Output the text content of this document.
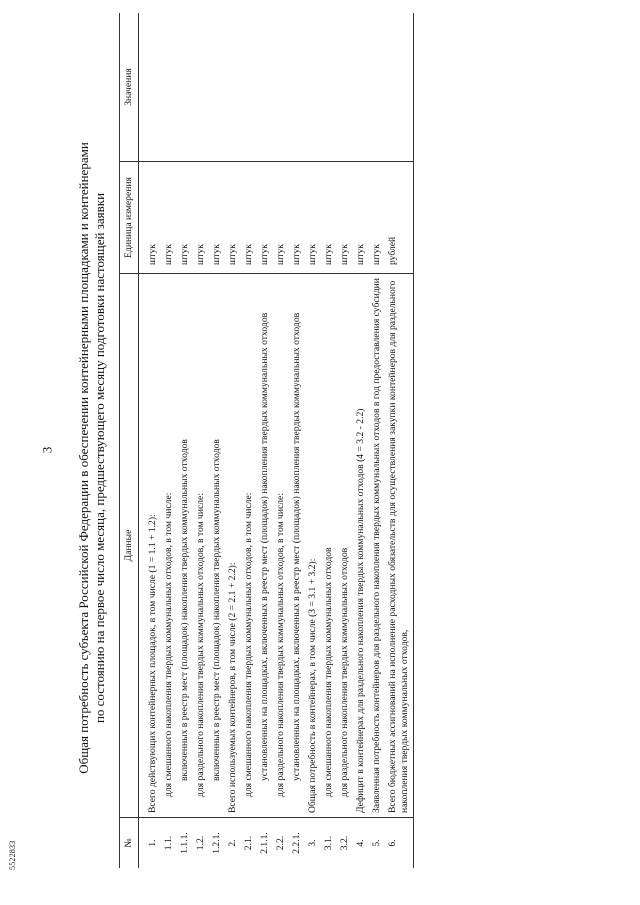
3
5522833
Общая потребность субъекта Российской Федерации в обеспечении контейнерными площадками и контейнерами по состоянию на первое число месяца, предшествующего месяцу подготовки настоящей заявки
№	Данные	Единица измерения	Значения

1.	Всего действующих контейнерных площадок, в том числе (1 = 1.1 + 1.2):	штук	
1.1.	для смешанного накопления твердых коммунальных отходов, в том числе:	штук	
1.1.1.	включенных в реестр мест (площадок) накопления твердых коммунальных отходов	штук	
1.2.	для раздельного накопления твердых коммунальных отходов, в том числе:	штук	
1.2.1.	включенных в реестр мест (площадок) накопления твердых коммунальных отходов	штук	
2.	Всего используемых контейнеров, в том числе (2 = 2.1 + 2.2):	штук	
2.1.	для смешанного накопления твердых коммунальных отходов, в том числе:	штук	
2.1.1.	установленных на площадках, включенных в реестр мест (площадок) накопления твердых коммунальных отходов	штук	
2.2.	для раздельного накопления твердых коммунальных отходов, в том числе:	штук	
2.2.1.	установленных на площадках, включенных в реестр мест (площадок) накопления твердых коммунальных отходов	штук	
3.	Общая потребность в контейнерах, в том числе (3 = 3.1 + 3.2):	штук	
3.1.	для смешанного накопления твердых коммунальных отходов	штук	
3.2.	для раздельного накопления твердых коммунальных отходов	штук	
4.	Дефицит в контейнерах для раздельного накопления твердых коммунальных отходов (4 = 3.2 - 2.2)	штук	
5.	Заявленная потребность контейнеров для раздельного накопления твердых коммунальных отходов в год предоставления субсидии	штук	
6.	Всего бюджетных ассигнований на исполнение расходных обязательств для осуществления закупки контейнеров для раздельного накопления твердых коммунальных отходов,	рублей	
